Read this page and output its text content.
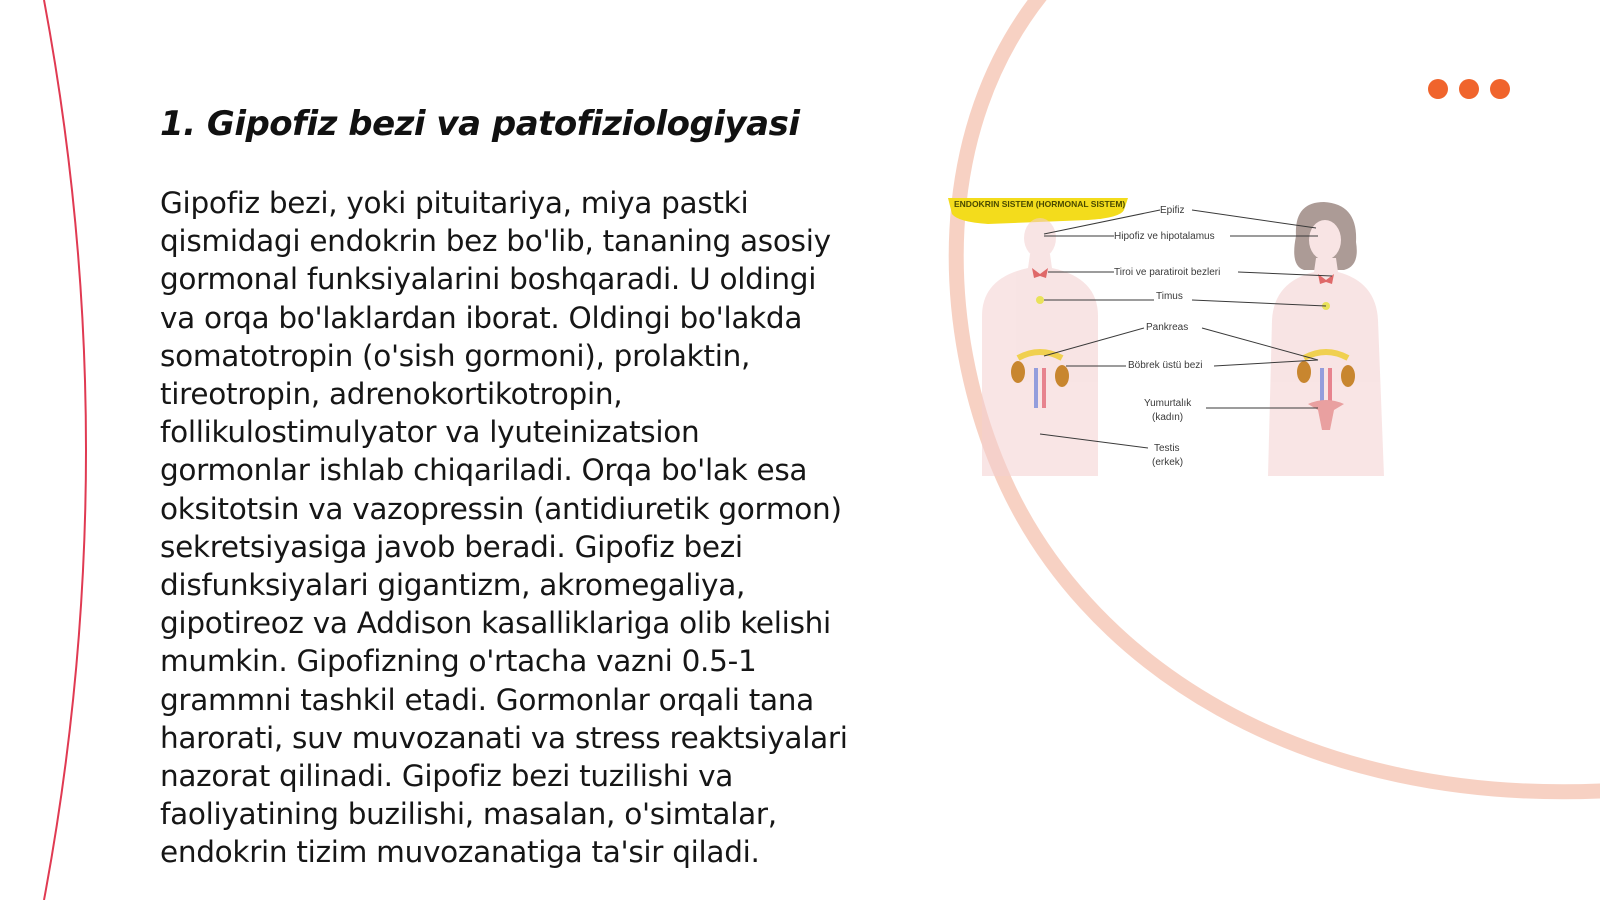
1. Gipofiz bezi va patofiziologiyasi

Gipofiz bezi, yoki pituitariya, miya pastki qismidagi endokrin bez bo'lib, tananing asosiy gormonal funksiyalarini boshqaradi. U oldingi va orqa bo'laklardan iborat. Oldingi bo'lakda somatotropin (o'sish gormoni), prolaktin, tireotropin, adrenokortikotropin, follikulostimulyator va lyuteinizatsion gormonlar ishlab chiqariladi. Orqa bo'lak esa oksitotsin va vazopressin (antidiuretik gormon) sekretsiyasiga javob beradi. Gipofiz bezi disfunksiyalari gigantizm, akromegaliya, gipotireoz va Addison kasalliklariga olib kelishi mumkin. Gipofizning o'rtacha vazni 0.5-1 grammni tashkil etadi. Gormonlar orqali tana harorati, suv muvozanati va stress reaktsiyalari nazorat qilinadi. Gipofiz bezi tuzilishi va faoliyatining buzilishi, masalan, o'simtalar, endokrin tizim muvozanatiga ta'sir qiladi.

ENDOKRIN SISTEM (HORMONAL SISTEM)
Epifiz
Hipofiz ve hipotalamus
Tiroi ve paratiroit bezleri
Timus
Pankreas
Böbrek üstü bezi
Yumurtalık
(kadın)
Testis
(erkek)
